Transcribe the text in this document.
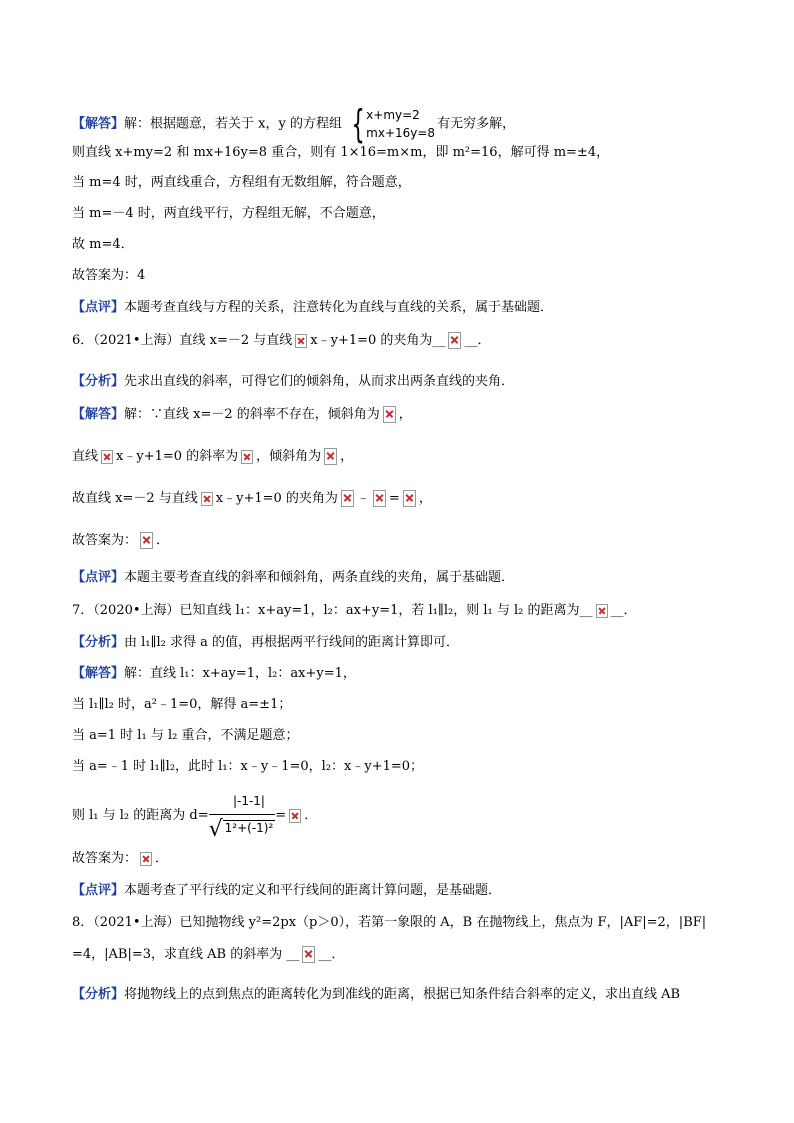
【解答】解：根据题意，若关于 x，y 的方程组 { x+my=2
mx+16y=8
有无穷多解，
则直线 x+my=2 和 mx+16y=8 重合，则有 1×16=m×m，即 m²=16，解可得 m=±4，
当 m=4 时，两直线重合，方程组有无数组解，符合题意，
当 m=－4 时，两直线平行，方程组无解，不合题意，
故 m=4．
故答案为：4
【点评】本题考查直线与方程的关系，注意转化为直线与直线的关系，属于基础题．
6．（2021•上海）直线 x=－2 与直线 x﹣y+1=0 的夹角为__ __．
【分析】先求出直线的斜率，可得它们的倾斜角，从而求出两条直线的夹角．
【解答】解：∵直线 x=－2 的斜率不存在，倾斜角为 ，
直线 x﹣y+1=0 的斜率为 ，倾斜角为 ，
故直线 x=－2 与直线 x﹣y+1=0 的夹角为 ﹣ = ，
故答案为： ．
【点评】本题主要考查直线的斜率和倾斜角，两条直线的夹角，属于基础题．
7．（2020•上海）已知直线 l₁：x+ay=1，l₂：ax+y=1，若 l₁∥l₂，则 l₁ 与 l₂ 的距离为__ __．
【分析】由 l₁∥l₂ 求得 a 的值，再根据两平行线间的距离计算即可．
【解答】解：直线 l₁：x+ay=1，l₂：ax+y=1，
当 l₁∥l₂ 时，a²﹣1=0，解得 a=±1；
当 a=1 时 l₁ 与 l₂ 重合，不满足题意；
当 a=﹣1 时 l₁∥l₂，此时 l₁：x﹣y﹣1=0，l₂：x﹣y+1=0；
则 l₁ 与 l₂ 的距离为 $d= \frac{|-1-1|}{\text{√ 1²+(-1)²}}$ = ．
故答案为： ．
【点评】本题考查了平行线的定义和平行线间的距离计算问题，是基础题．
8．（2021•上海）已知抛物线 y²=2px（p＞0），若第一象限的 A，B 在抛物线上，焦点为 F，|AF|=2，|BF|
=4，|AB|=3，求直线 AB 的斜率为 __ __．
【分析】将抛物线上的点到焦点的距离转化为到准线的距离，根据已知条件结合斜率的定义，求出直线 AB
